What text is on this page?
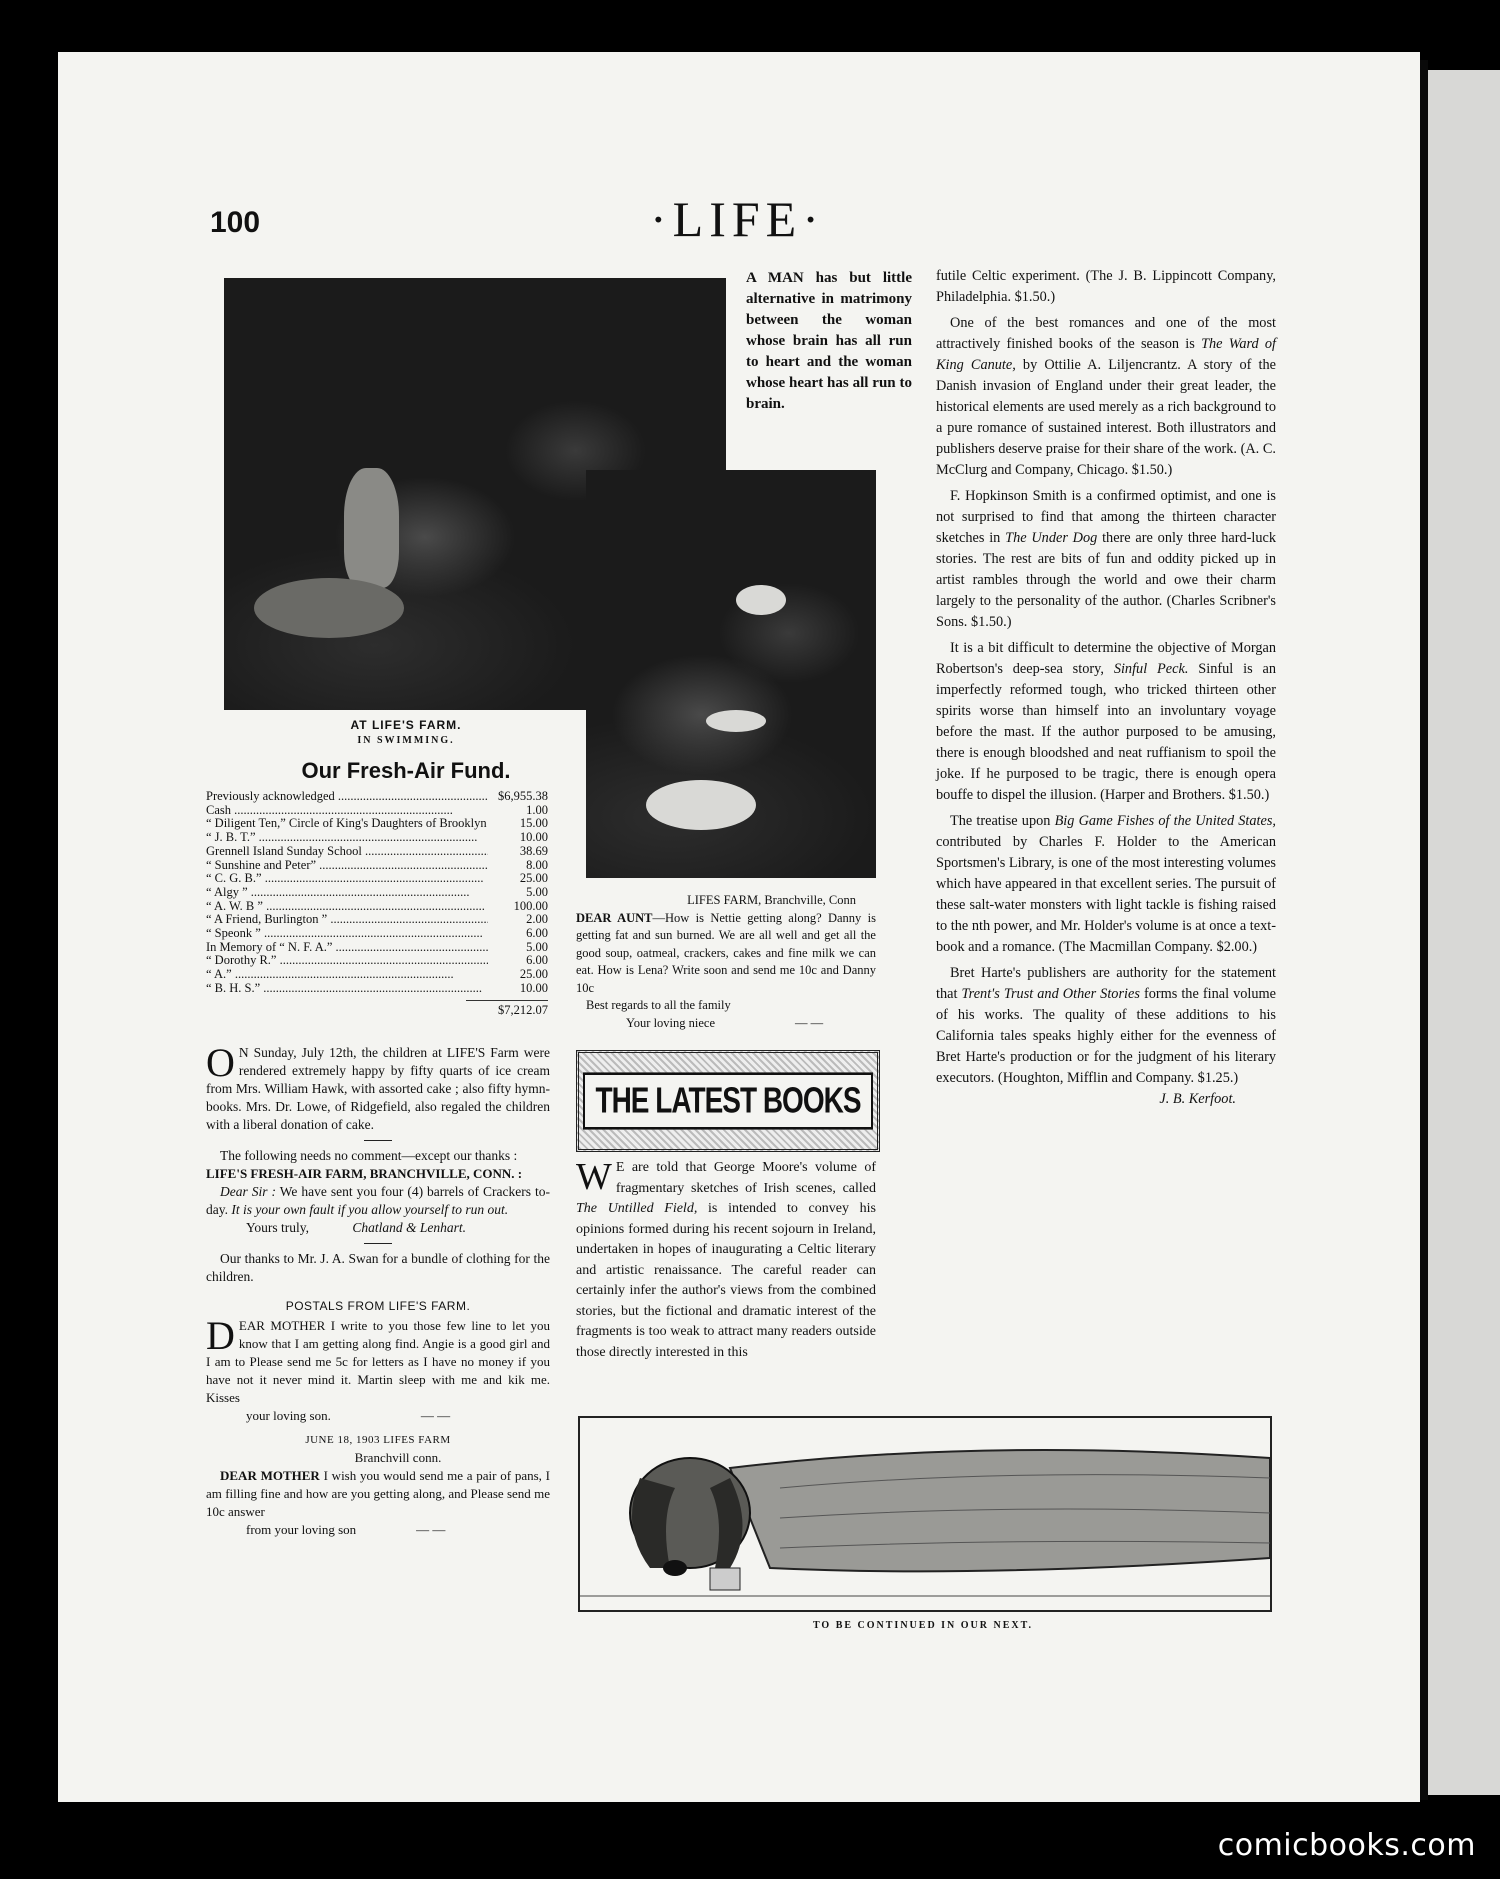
100	·LIFE·
AT LIFE'S FARM.
IN SWIMMING.
Our Fresh-Air Fund.
Previously acknowledged .....	$6,955.38
Cash .....	1.00
“ Diligent Ten,” Circle of King's Daughters of Brooklyn .....	15.00
“ J. B. T.” .....	10.00
Grennell Island Sunday School .....	38.69
“ Sunshine and Peter” .....	8.00
“ C. G. B.” .....	25.00
“ Algy ” .....	5.00
“ A. W. B ” .....	100.00
“ A Friend, Burlington ” .....	2.00
“ Speonk ” .....	6.00
In Memory of “ N. F. A.” .....	5.00
“ Dorothy R.” .....	6.00
“ A.” .....	25.00
“ B. H. S.” .....	10.00
$7,212.07

O N Sunday, July 12th, the children at LIFE'S Farm were rendered extremely happy by fifty quarts of ice cream from Mrs. William Hawk, with assorted cake ; also fifty hymn-books. Mrs. Dr. Lowe, of Ridgefield, also regaled the children with a liberal donation of cake.

The following needs no comment—except our thanks :

LIFE'S FRESH-AIR FARM, BRANCHVILLE, CONN. :

Dear Sir : We have sent you four (4) barrels of Crackers to-day. It is your own fault if you allow yourself to run out.

Yours truly,	Chatland & Lenhart.

Our thanks to Mr. J. A. Swan for a bundle of clothing for the children.

POSTALS FROM LIFE'S FARM.

DEAR MOTHER I write to you those few line to let you know that I am getting along find. Angie is a good girl and I am to Please send me 5c for letters as I have no money if you have not it never mind it. Martin sleep with me and kik me. Kisses

your loving son.	— —

JUNE 18, 1903 LIFES FARM

Branchvill conn.

DEAR MOTHER I wish you would send me a pair of pans, I am filling fine and how are you getting along, and Please send me 10c answer

from your loving son	— —

A MAN has but little alternative in matrimony between the woman whose brain has all run to heart and the woman whose heart has all run to brain.

LIFES FARM, Branchville, Conn

DEAR AUNT—How is Nettie getting along? Danny is getting fat and sun burned. We are all well and get all the good soup, oatmeal, crackers, cakes and fine milk we can eat. How is Lena? Write soon and send me 10c and Danny 10c

Best regards to all the family

Your loving niece	— —

THE LATEST BOOKS

W E are told that George Moore's volume of fragmentary sketches of Irish scenes, called The Untilled Field, is intended to convey his opinions formed during his recent sojourn in Ireland, undertaken in hopes of inaugurating a Celtic literary and artistic renaissance. The careful reader can certainly infer the author's views from the combined stories, but the fictional and dramatic interest of the fragments is too weak to attract many readers outside those directly interested in this

futile Celtic experiment. (The J. B. Lippincott Company, Philadelphia. $1.50.)

One of the best romances and one of the most attractively finished books of the season is The Ward of King Canute, by Ottilie A. Liljencrantz. A story of the Danish invasion of England under their great leader, the historical elements are used merely as a rich background to a pure romance of sustained interest. Both illustrators and publishers deserve praise for their share of the work. (A. C. McClurg and Company, Chicago. $1.50.)

F. Hopkinson Smith is a confirmed optimist, and one is not surprised to find that among the thirteen character sketches in The Under Dog there are only three hard-luck stories. The rest are bits of fun and oddity picked up in artist rambles through the world and owe their charm largely to the personality of the author. (Charles Scribner's Sons. $1.50.)

It is a bit difficult to determine the objective of Morgan Robertson's deep-sea story, Sinful Peck. Sinful is an imperfectly reformed tough, who tricked thirteen other spirits worse than himself into an involuntary voyage before the mast. If the author purposed to be amusing, there is enough bloodshed and neat ruffianism to spoil the joke. If he purposed to be tragic, there is enough opera bouffe to dispel the illusion. (Harper and Brothers. $1.50.)

The treatise upon Big Game Fishes of the United States, contributed by Charles F. Holder to the American Sportsmen's Library, is one of the most interesting volumes which have appeared in that excellent series. The pursuit of these salt-water monsters with light tackle is fishing raised to the nth power, and Mr. Holder's volume is at once a text-book and a romance. (The Macmillan Company. $2.00.)

Bret Harte's publishers are authority for the statement that Trent's Trust and Other Stories forms the final volume of his works. The quality of these additions to his California tales speaks highly either for the evenness of Bret Harte's production or for the judgment of his literary executors. (Houghton, Mifflin and Company. $1.25.)

J. B. Kerfoot.

TO BE CONTINUED IN OUR NEXT.
comicbooks.com
